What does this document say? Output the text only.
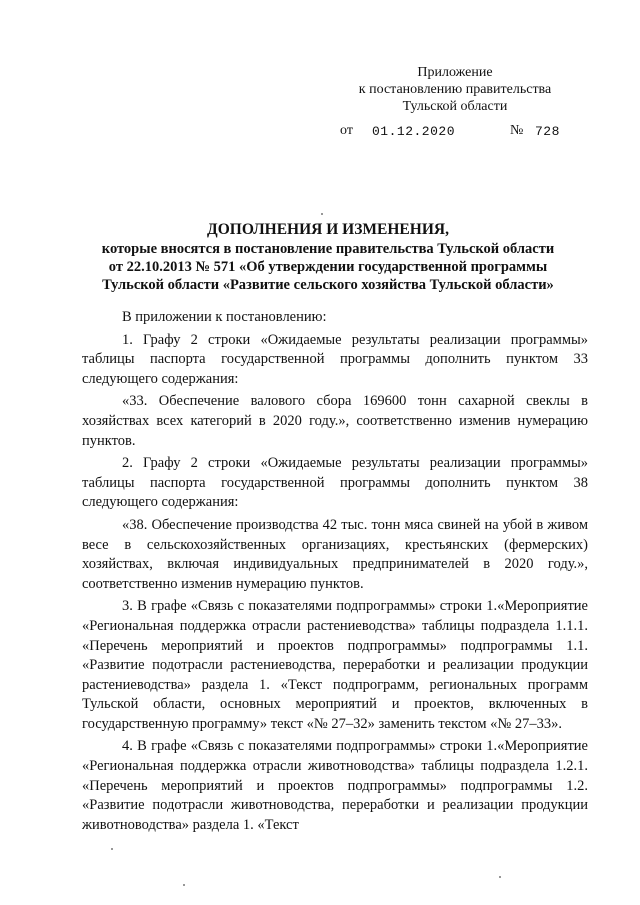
Приложение
к постановлению правительства
Тульской области
от 01.12.2020	№ 728
ДОПОЛНЕНИЯ И ИЗМЕНЕНИЯ,
которые вносятся в постановление правительства Тульской области
от 22.10.2013 № 571 «Об утверждении государственной программы
Тульской области «Развитие сельского хозяйства Тульской области»

В приложении к постановлению:

1. Графу 2 строки «Ожидаемые результаты реализации программы» таблицы паспорта государственной программы дополнить пунктом 33 следующего содержания:

«33. Обеспечение валового сбора 169600 тонн сахарной свеклы в хозяйствах всех категорий в 2020 году.», соответственно изменив нумерацию пунктов.

2. Графу 2 строки «Ожидаемые результаты реализации программы» таблицы паспорта государственной программы дополнить пунктом 38 следующего содержания:

«38. Обеспечение производства 42 тыс. тонн мяса свиней на убой в живом весе в сельскохозяйственных организациях, крестьянских (фермерских) хозяйствах, включая индивидуальных предпринимателей в 2020 году.», соответственно изменив нумерацию пунктов.

3. В графе «Связь с показателями подпрограммы» строки 1.«Мероприятие «Региональная поддержка отрасли растениеводства» таблицы подраздела 1.1.1. «Перечень мероприятий и проектов подпрограммы» подпрограммы 1.1. «Развитие подотрасли растениеводства, переработки и реализации продукции растениеводства» раздела 1. «Текст подпрограмм, региональных программ Тульской области, основных мероприятий и проектов, включенных в государственную программу» текст «№ 27–32» заменить текстом «№ 27–33».

4. В графе «Связь с показателями подпрограммы» строки 1.«Мероприятие «Региональная поддержка отрасли животноводства» таблицы подраздела 1.2.1. «Перечень мероприятий и проектов подпрограммы» подпрограммы 1.2. «Развитие подотрасли животноводства, переработки и реализации продукции животноводства» раздела 1. «Текст
